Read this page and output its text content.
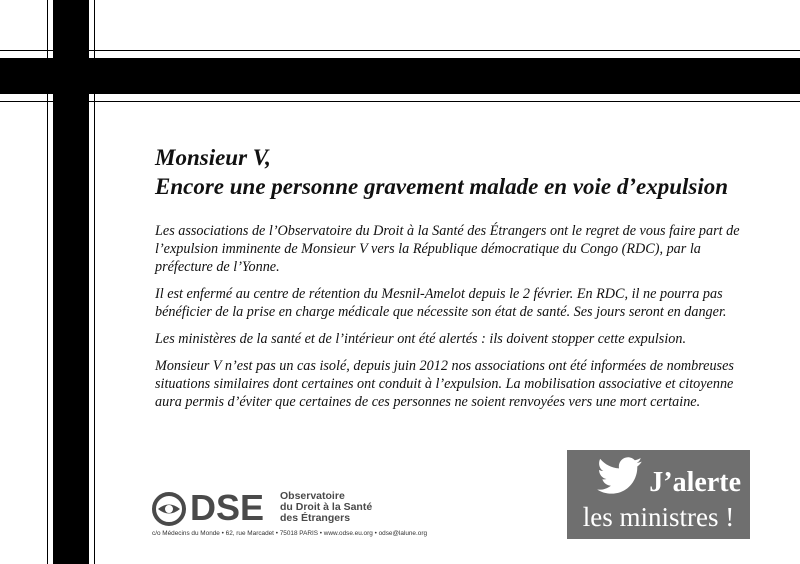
Monsieur V,
Encore une personne gravement malade en voie d’expulsion

Les associations de l’Observatoire du Droit à la Santé des Étrangers ont le regret de vous faire part de l’expulsion imminente de Monsieur V vers la République démocratique du Congo (RDC), par la préfecture de l’Yonne.

Il est enfermé au centre de rétention du Mesnil-Amelot depuis le 2 février. En RDC, il ne pourra pas bénéficier de la prise en charge médicale que nécessite son état de santé. Ses jours seront en danger.

Les ministères de la santé et de l’intérieur ont été alertés : ils doivent stopper cette expulsion.

Monsieur V n’est pas un cas isolé, depuis juin 2012 nos associations ont été informées de nombreuses situations similaires dont certaines ont conduit à l’expulsion. La mobilisation associative et citoyenne aura permis d’éviter que certaines de ces personnes ne soient renvoyées vers une mort certaine.

DSE Observatoire
du Droit à la Santé
des Étrangers
c/o Médecins du Monde • 62, rue Marcadet • 75018 PARIS • www.odse.eu.org • odse@lalune.org
J’alerte
les ministres !
